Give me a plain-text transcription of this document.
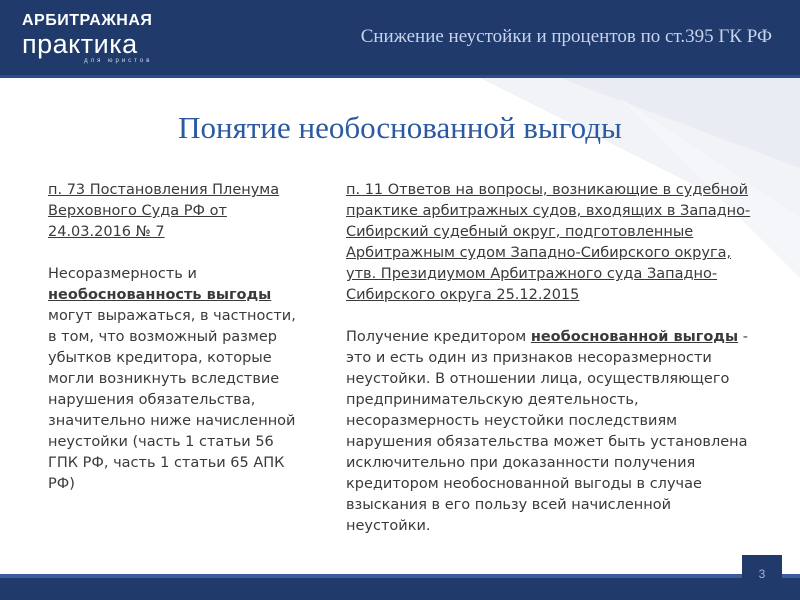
АРБИТРАЖНАЯ
практика
для юристов
Снижение неустойки и процентов по ст.395 ГК РФ
Понятие необоснованной выгоды

п. 73 Постановления Пленума Верховного Суда РФ от 24.03.2016 № 7

Несоразмерность и необоснованность выгоды могут выражаться, в частности, в том, что возможный размер убытков кредитора, которые могли возникнуть вследствие нарушения обязательства, значительно ниже начисленной неустойки (часть 1 статьи 56 ГПК РФ, часть 1 статьи 65 АПК РФ)

п. 11 Ответов на вопросы, возникающие в судебной практике арбитражных судов, входящих в Западно-Сибирский судебный округ, подготовленные Арбитражным судом Западно-Сибирского округа, утв. Президиумом Арбитражного суда Западно-Сибирского округа 25.12.2015

Получение кредитором необоснованной выгоды - это и есть один из признаков несоразмерности неустойки. В отношении лица, осуществляющего предпринимательскую деятельность, несоразмерность неустойки последствиям нарушения обязательства может быть установлена исключительно при доказанности получения кредитором необоснованной выгоды в случае взыскания в его пользу всей начисленной неустойки.

3
